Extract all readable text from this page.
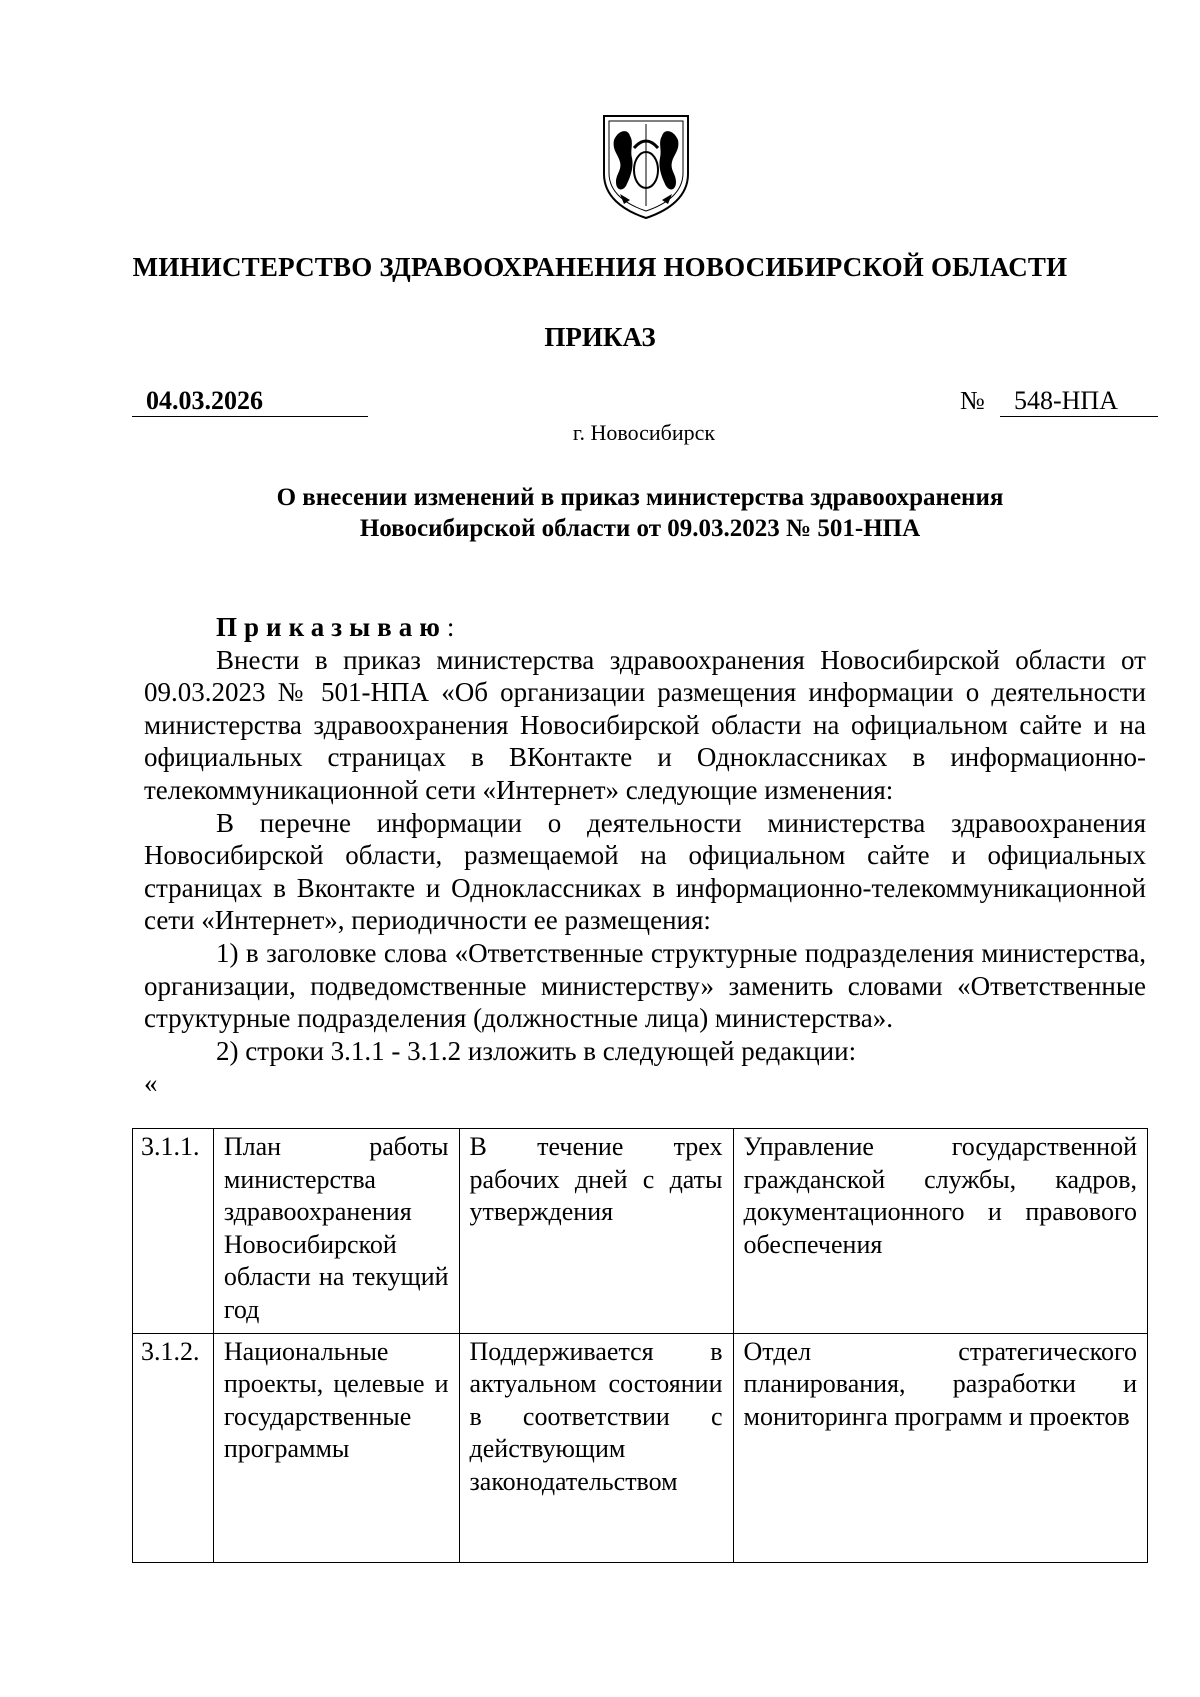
МИНИСТЕРСТВО ЗДРАВООХРАНЕНИЯ НОВОСИБИРСКОЙ ОБЛАСТИ
ПРИКАЗ
04.03.2026	№	548-НПА
г. Новосибирск
О внесении изменений в приказ министерства здравоохранения
Новосибирской области от 09.03.2023 № 501-НПА
Приказываю:

Внести в приказ министерства здравоохранения Новосибирской области от 09.03.2023 № 501-НПА «Об организации размещения информации о деятельности министерства здравоохранения Новосибирской области на официальном сайте и на официальных страницах в ВКонтакте и Одноклассниках в информационно-телекоммуникационной сети «Интернет» следующие изменения:

В перечне информации о деятельности министерства здравоохранения Новосибирской области, размещаемой на официальном сайте и официальных страницах в Вконтакте и Одноклассниках в информационно-телекоммуникационной сети «Интернет», периодичности ее размещения:

1) в заголовке слова «Ответственные структурные подразделения министерства, организации, подведомственные министерству» заменить словами «Ответственные структурные подразделения (должностные лица) министерства».

2) строки 3.1.1 - 3.1.2 изложить в следующей редакции:

«
3.1.1.	План работы министерства здравоохранения Новосибирской области на текущий год	В течение трех рабочих дней с даты утверждения	Управление государственной гражданской службы, кадров, документационного и правового обеспечения
3.1.2.	Национальные проекты, целевые и государственные программы	Поддерживается в актуальном состоянии в соответствии с действующим законодательством	Отдел стратегического планирования, разработки и мониторинга программ и проектов
